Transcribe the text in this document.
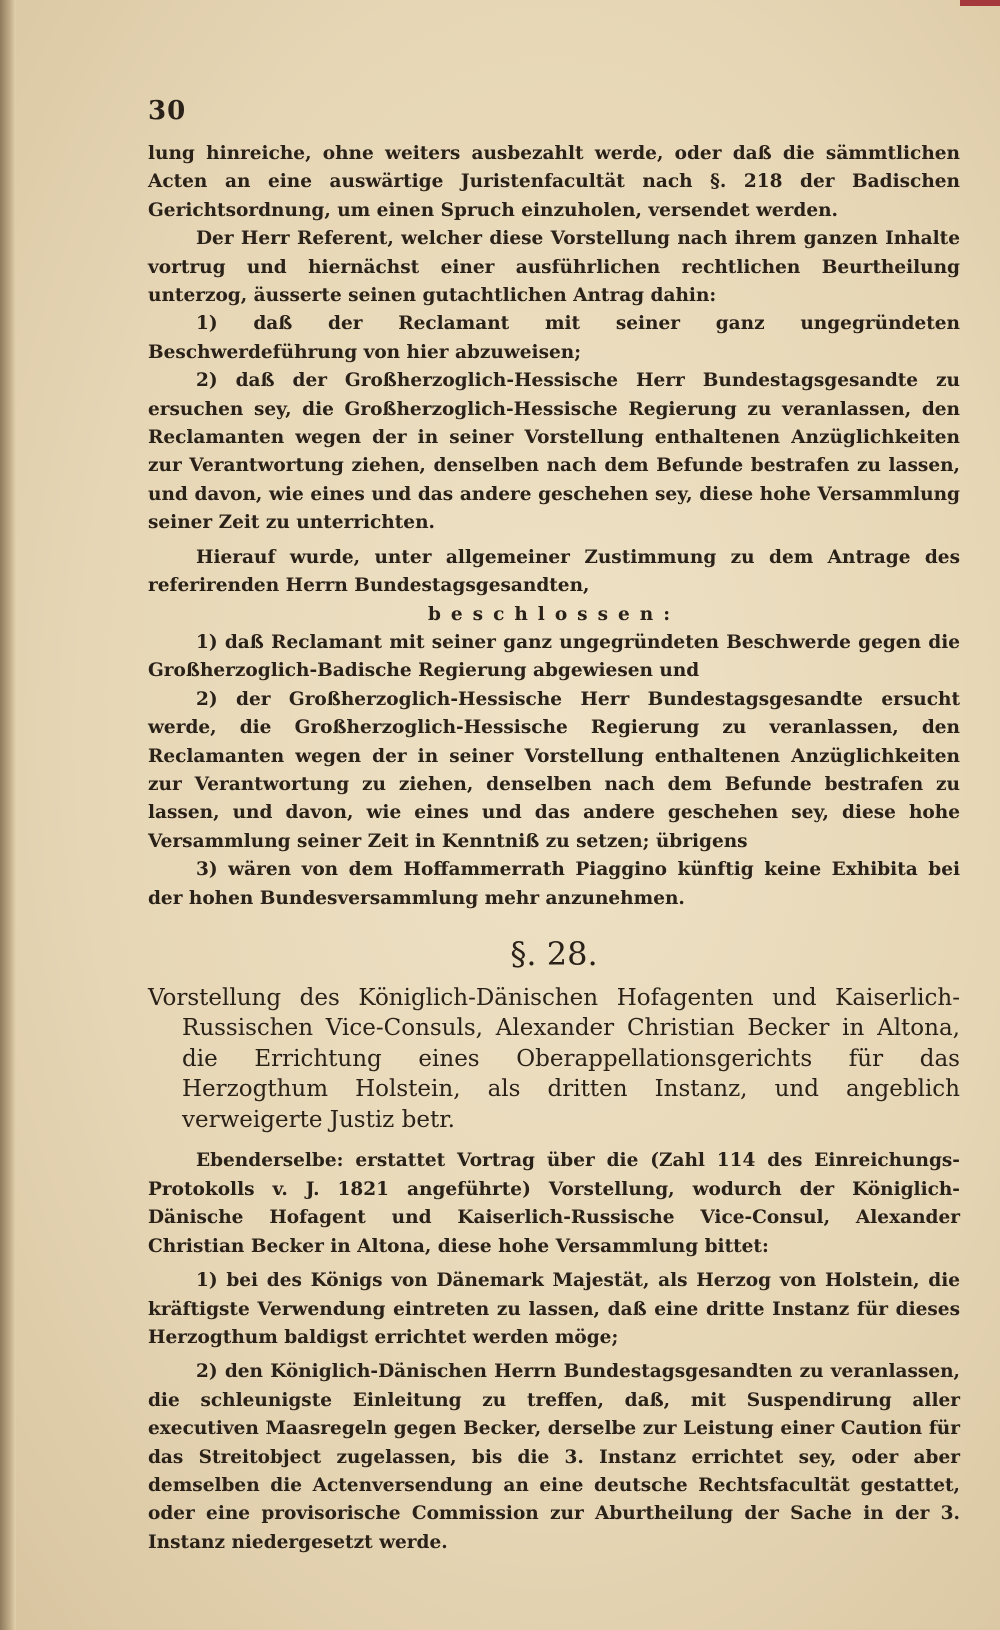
30

lung hinreiche, ohne weiters ausbezahlt werde, oder daß die sämmtlichen Acten an eine auswärtige Juristenfacultät nach §. 218 der Badischen Gerichtsordnung, um einen Spruch einzuholen, versendet werden.

Der Herr Referent, welcher diese Vorstellung nach ihrem ganzen Inhalte vortrug und hiernächst einer ausführlichen rechtlichen Beurtheilung unterzog, äusserte seinen gutachtlichen Antrag dahin:

1) daß der Reclamant mit seiner ganz ungegründeten Beschwerdeführung von hier abzuweisen;

2) daß der Großherzoglich-Hessische Herr Bundestagsgesandte zu ersuchen sey, die Großherzoglich-Hessische Regierung zu veranlassen, den Reclamanten wegen der in seiner Vorstellung enthaltenen Anzüglichkeiten zur Verantwortung ziehen, denselben nach dem Befunde bestrafen zu lassen, und davon, wie eines und das andere geschehen sey, diese hohe Versammlung seiner Zeit zu unterrichten.

Hierauf wurde, unter allgemeiner Zustimmung zu dem Antrage des referirenden Herrn Bundestagsgesandten,

beschlossen:

1) daß Reclamant mit seiner ganz ungegründeten Beschwerde gegen die Großherzoglich-Badische Regierung abgewiesen und

2) der Großherzoglich-Hessische Herr Bundestagsgesandte ersucht werde, die Großherzoglich-Hessische Regierung zu veranlassen, den Reclamanten wegen der in seiner Vorstellung enthaltenen Anzüglichkeiten zur Verantwortung zu ziehen, denselben nach dem Befunde bestrafen zu lassen, und davon, wie eines und das andere geschehen sey, diese hohe Versammlung seiner Zeit in Kenntniß zu setzen; übrigens

3) wären von dem Hoffammerrath Piaggino künftig keine Exhibita bei der hohen Bundesversammlung mehr anzunehmen.

§. 28.
Vorstellung des Königlich-Dänischen Hofagenten und Kaiserlich-Russischen Vice-Consuls, Alexander Christian Becker in Altona, die Errichtung eines Oberappellationsgerichts für das Herzogthum Holstein, als dritten Instanz, und angeblich verweigerte Justiz betr.

Ebenderselbe: erstattet Vortrag über die (Zahl 114 des Einreichungs-Protokolls v. J. 1821 angeführte) Vorstellung, wodurch der Königlich-Dänische Hofagent und Kaiserlich-Russische Vice-Consul, Alexander Christian Becker in Altona, diese hohe Versammlung bittet:

1) bei des Königs von Dänemark Majestät, als Herzog von Holstein, die kräftigste Verwendung eintreten zu lassen, daß eine dritte Instanz für dieses Herzogthum baldigst errichtet werden möge;

2) den Königlich-Dänischen Herrn Bundestagsgesandten zu veranlassen, die schleunigste Einleitung zu treffen, daß, mit Suspendirung aller executiven Maasregeln gegen Becker, derselbe zur Leistung einer Caution für das Streitobject zugelassen, bis die 3. Instanz errichtet sey, oder aber demselben die Actenversendung an eine deutsche Rechtsfacultät gestattet, oder eine provisorische Commission zur Aburtheilung der Sache in der 3. Instanz niedergesetzt werde.
